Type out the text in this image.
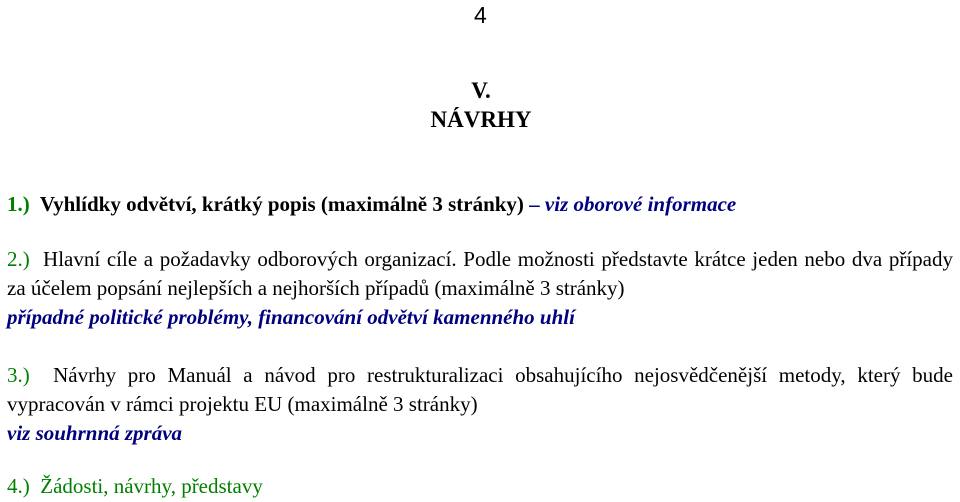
4
V.
NÁVRHY
1.) Vyhlídky odvětví, krátký popis (maximálně 3 stránky) – viz oborové informace
2.) Hlavní cíle a požadavky odborových organizací. Podle možnosti představte krátce jeden nebo dva případy za účelem popsání nejlepších a nejhorších případů (maximálně 3 stránky)
případné politické problémy, financování odvětví kamenného uhlí
3.) Návrhy pro Manuál a návod pro restrukturalizaci obsahujícího nejosvědčenější metody, který bude vypracován v rámci projektu EU (maximálně 3 stránky)
viz souhrnná zpráva
4.) Žádosti, návrhy, představy
